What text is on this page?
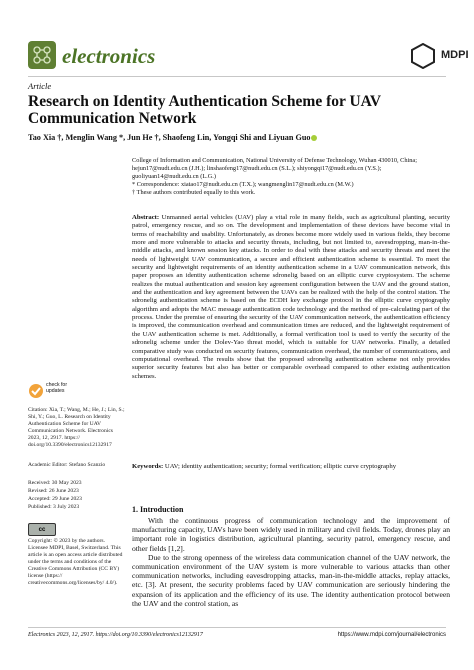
electronics	MDPI
Article
Research on Identity Authentication Scheme for UAV Communication Network
Tao Xia †, Menglin Wang *, Jun He †, Shaofeng Lin, Yongqi Shi and Liyuan Guo
College of Information and Communication, National University of Defense Technology, Wuhan 430010, China;
hejun17@nudt.edu.cn (J.H.); linshaofeng17@nudt.edu.cn (S.L.); shiyongqi17@nudt.edu.cn (Y.S.);
guoliyuan14@nudt.edu.cn (L.G.)
* Correspondence: xiatao17@nudt.edu.cn (T.X.); wangmenglin17@nudt.edu.cn (M.W.)
† These authors contributed equally to this work.
Abstract: Unmanned aerial vehicles (UAV) play a vital role in many fields, such as agricultural planting, security patrol, emergency rescue, and so on. The development and implementation of these devices have become vital in terms of reachability and usability. Unfortunately, as drones become more widely used in various fields, they become more and more vulnerable to attacks and security threats, including, but not limited to, eavesdropping, man-in-the-middle attacks, and known session key attacks. In order to deal with these attacks and security threats and meet the needs of lightweight UAV communication, a secure and efficient authentication scheme is essential. To meet the security and lightweight requirements of an identity authentication scheme in a UAV communication network, this paper proposes an identity authentication scheme sdronelig based on an elliptic curve cryptosystem. The scheme realizes the mutual authentication and session key agreement configuration between the UAV and the ground station, and the authentication and key agreement between the UAVs can be realized with the help of the control station. The sdronelig authentication scheme is based on the ECDH key exchange protocol in the elliptic curve cryptography algorithm and adopts the MAC message authentication code technology and the method of pre-calculating part of the process. Under the premise of ensuring the security of the UAV communication network, the authentication efficiency is improved, the communication overhead and communication times are reduced, and the lightweight requirement of the UAV authentication scheme is met. Additionally, a formal verification tool is used to verify the security of the sdronelig scheme under the Dolev-Yao threat model, which is suitable for UAV networks. Finally, a detailed comparative study was conducted on security features, communication overhead, the number of communications, and computational overhead. The results show that the proposed sdronelig authentication scheme not only provides superior security features but also has better or comparable overhead compared to other existing authentication schemes.
Keywords: UAV; identity authentication; security; formal verification; elliptic curve cryptography
check for
updates
Citation: Xia, T.; Wang, M.; He, J.; Lin, S.; Shi, Y.; Guo, L. Research on Identity Authentication Scheme for UAV Communication Network. Electronics 2023, 12, 2917. https:// doi.org/10.3390/electronics12132917
Academic Editor: Stefano Scanzio
Received: 30 May 2023
Revised: 26 June 2023
Accepted: 29 June 2023
Published: 3 July 2023
cc
Copyright: © 2023 by the authors. Licensee MDPI, Basel, Switzerland. This article is an open access article distributed under the terms and conditions of the Creative Commons Attribution (CC BY) license (https:// creativecommons.org/licenses/by/ 4.0/).
1. Introduction

With the continuous progress of communication technology and the improvement of manufacturing capacity, UAVs have been widely used in military and civil fields. Today, drones play an important role in logistics distribution, agricultural planting, security patrol, emergency rescue, and other fields [1,2].

Due to the strong openness of the wireless data communication channel of the UAV network, the communication environment of the UAV system is more vulnerable to various attacks than other communication networks, including eavesdropping attacks, man-in-the-middle attacks, replay attacks, etc. [3]. At present, the security problems faced by UAV communication are seriously hindering the expansion of its application and the efficiency of its use. The identity authentication protocol between the UAV and the control station, as

Electronics 2023, 12, 2917. https://doi.org/10.3390/electronics12132917	https://www.mdpi.com/journal/electronics
